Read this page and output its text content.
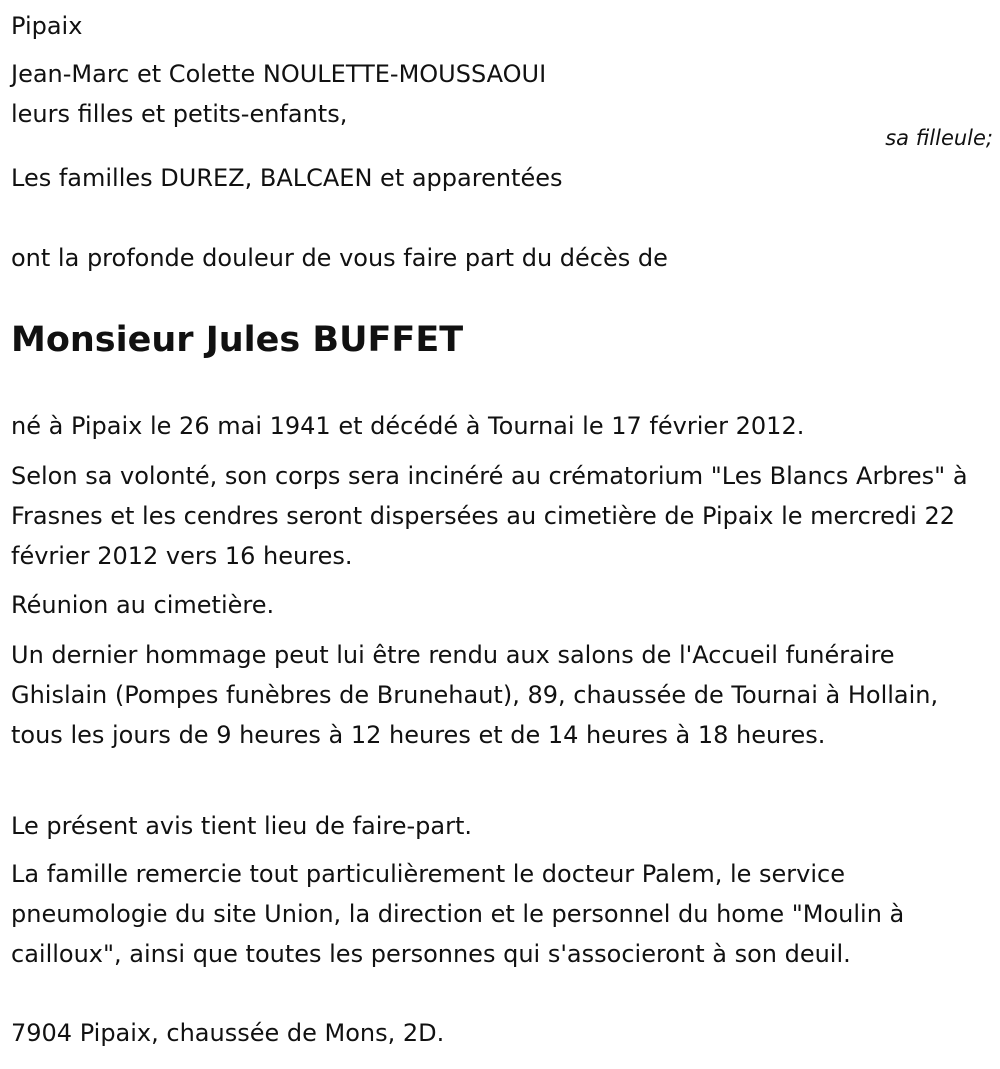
Pipaix
Jean-Marc et Colette NOULETTE-MOUSSAOUI
leurs filles et petits-enfants,
sa filleule;
Les familles DUREZ, BALCAEN et apparentées
ont la profonde douleur de vous faire part du décès de
Monsieur Jules BUFFET
né à Pipaix le 26 mai 1941 et décédé à Tournai le 17 février 2012.
Selon sa volonté, son corps sera incinéré au crématorium "Les Blancs Arbres" à Frasnes et les cendres seront dispersées au cimetière de Pipaix le mercredi 22 février 2012 vers 16 heures.
Réunion au cimetière.
Un dernier hommage peut lui être rendu aux salons de l'Accueil funéraire Ghislain (Pompes funèbres de Brunehaut), 89, chaussée de Tournai à Hollain, tous les jours de 9 heures à 12 heures et de 14 heures à 18 heures.
Le présent avis tient lieu de faire-part.
La famille remercie tout particulièrement le docteur Palem, le service pneumologie du site Union, la direction et le personnel du home "Moulin à cailloux", ainsi que toutes les personnes qui s'associeront à son deuil.
7904 Pipaix, chaussée de Mons, 2D.
